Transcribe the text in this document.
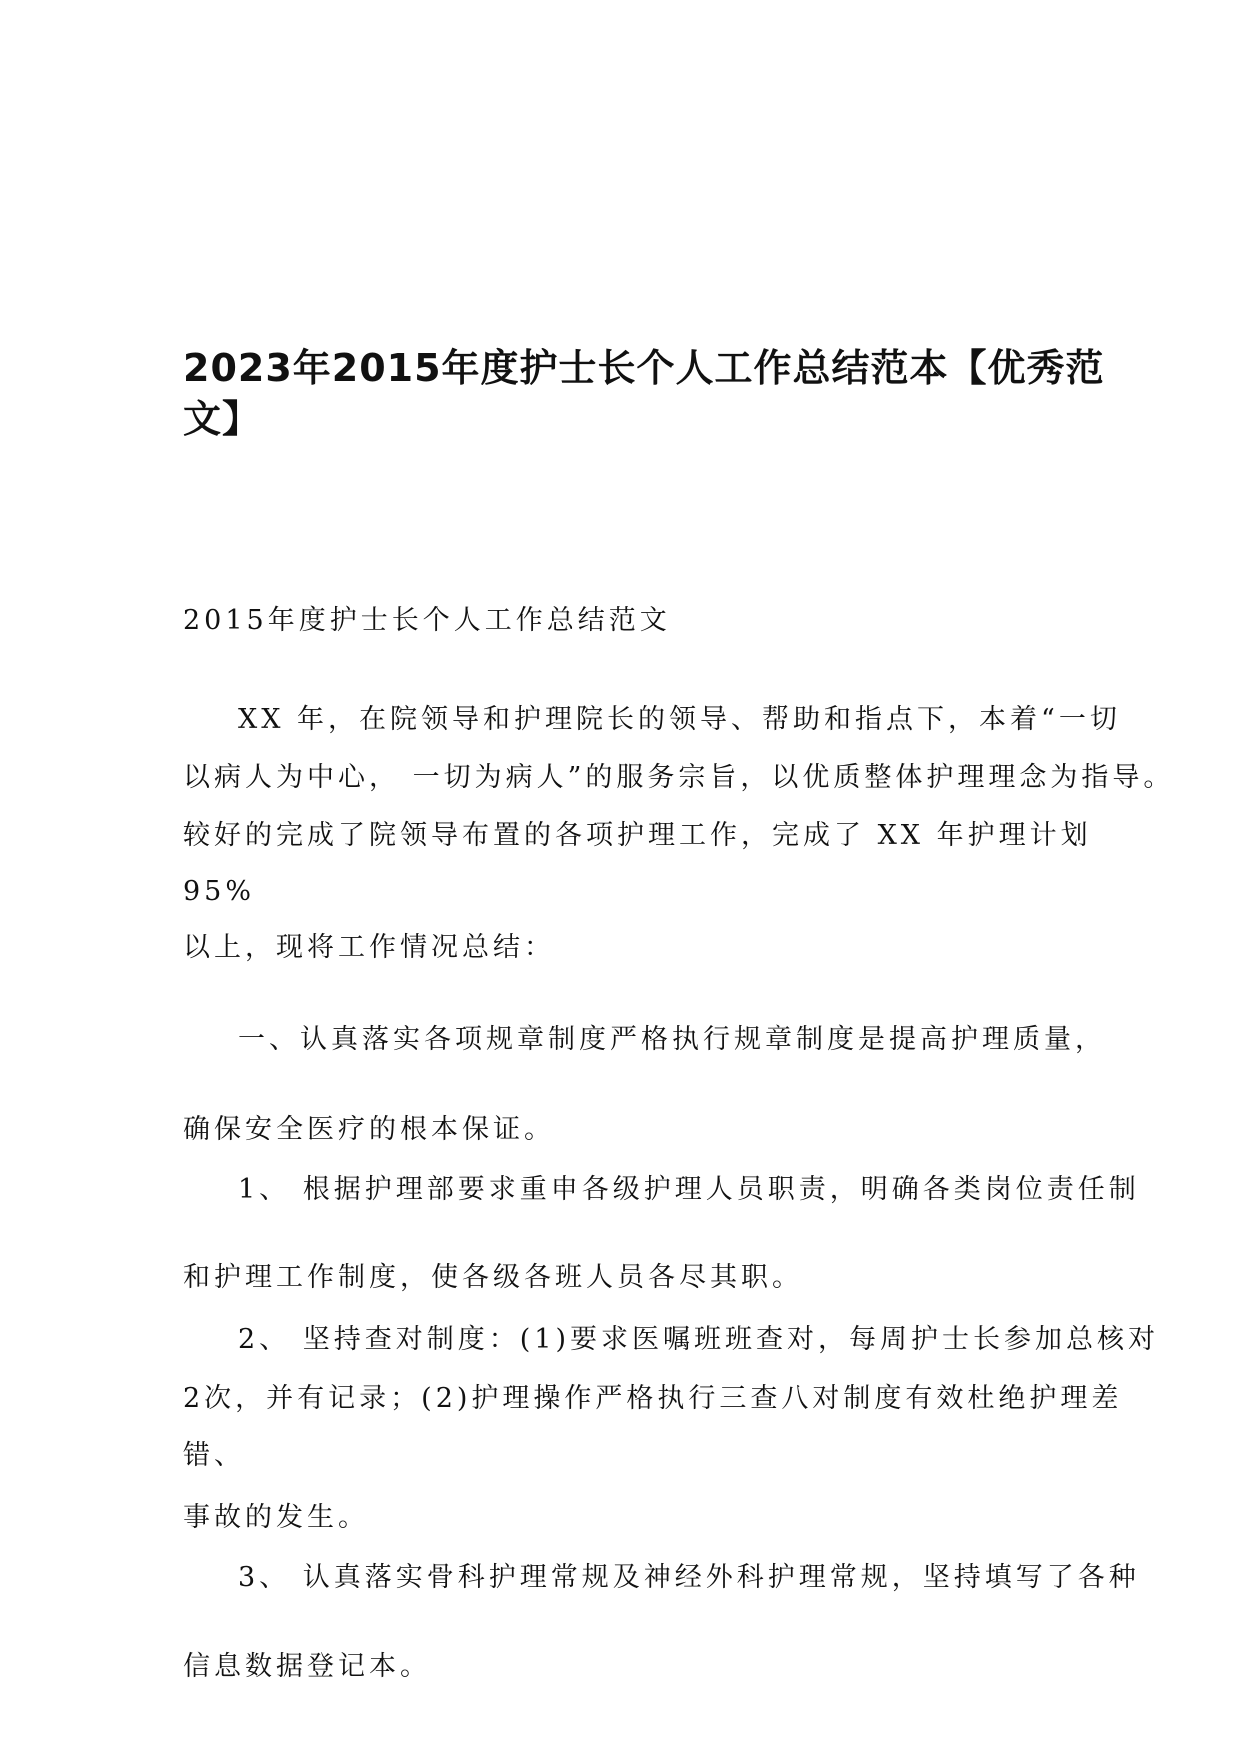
2023年2015年度护士长个人工作总结范本【优秀范
文】
2015年度护士长个人工作总结范文
XX 年，在院领导和护理院长的领导、帮助和指点下，本着“一切
以病人为中心， 一切为病人”的服务宗旨，以优质整体护理理念为指导。
较好的完成了院领导布置的各项护理工作，完成了 XX 年护理计划
95%
以上，现将工作情况总结：
一、认真落实各项规章制度严格执行规章制度是提高护理质量，
确保安全医疗的根本保证。
1、 根据护理部要求重申各级护理人员职责，明确各类岗位责任制
和护理工作制度，使各级各班人员各尽其职。
2、 坚持查对制度：(1)要求医嘱班班查对，每周护士长参加总核对
2次，并有记录；(2)护理操作严格执行三查八对制度有效杜绝护理差
错、
事故的发生。
3、 认真落实骨科护理常规及神经外科护理常规，坚持填写了各种
信息数据登记本。
